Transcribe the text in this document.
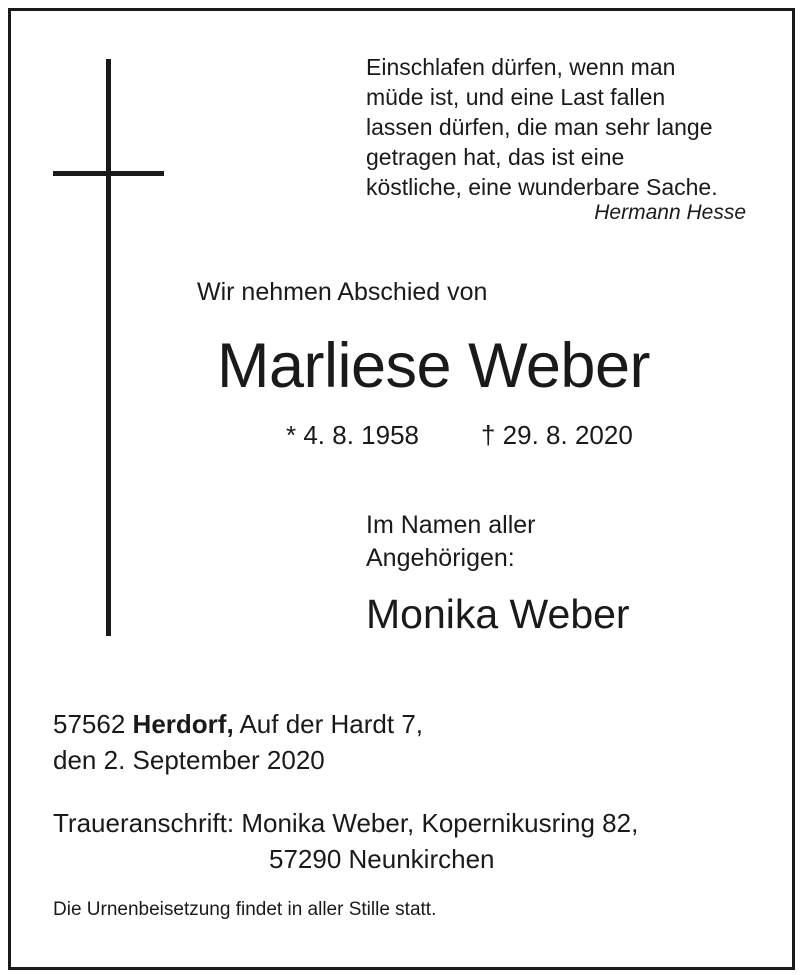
Einschlafen dürfen, wenn man
müde ist, und eine Last fallen
lassen dürfen, die man sehr lange
getragen hat, das ist eine
köstliche, eine wunderbare Sache.
Hermann Hesse
Wir nehmen Abschied von
Marliese Weber
* 4. 8. 1958 † 29. 8. 2020
Im Namen aller
Angehörigen:
Monika Weber
57562 Herdorf, Auf der Hardt 7,
den 2. September 2020
Traueranschrift: Monika Weber, Kopernikusring 82,
57290 Neunkirchen
Die Urnenbeisetzung findet in aller Stille statt.
